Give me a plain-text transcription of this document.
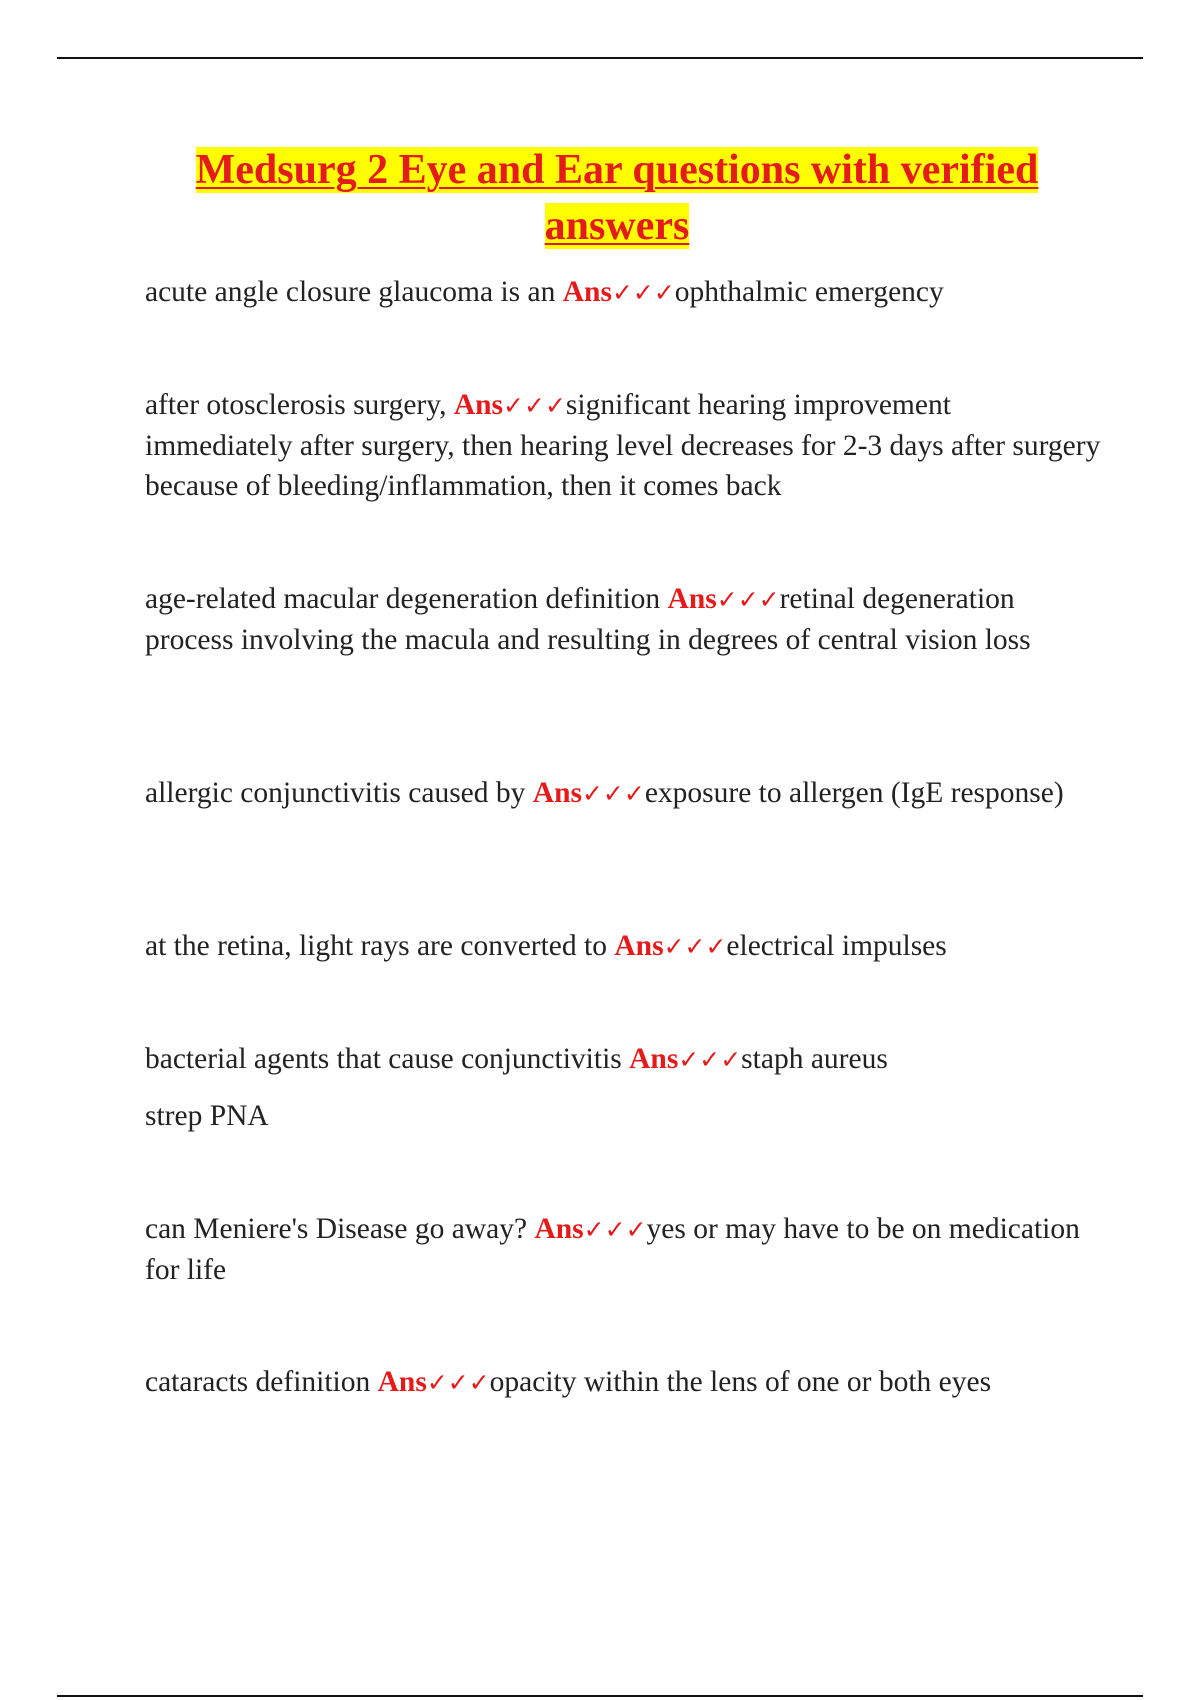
Medsurg 2 Eye and Ear questions with verified answers

acute angle closure glaucoma is an Ans✓✓✓ophthalmic emergency

after otosclerosis surgery, Ans✓✓✓significant hearing improvement immediately after surgery, then hearing level decreases for 2-3 days after surgery because of bleeding/inflammation, then it comes back

age-related macular degeneration definition Ans✓✓✓retinal degeneration process involving the macula and resulting in degrees of central vision loss

allergic conjunctivitis caused by Ans✓✓✓exposure to allergen (IgE response)

at the retina, light rays are converted to Ans✓✓✓electrical impulses

bacterial agents that cause conjunctivitis Ans✓✓✓staph aureus
strep PNA

can Meniere's Disease go away? Ans✓✓✓yes or may have to be on medication for life

cataracts definition Ans✓✓✓opacity within the lens of one or both eyes
